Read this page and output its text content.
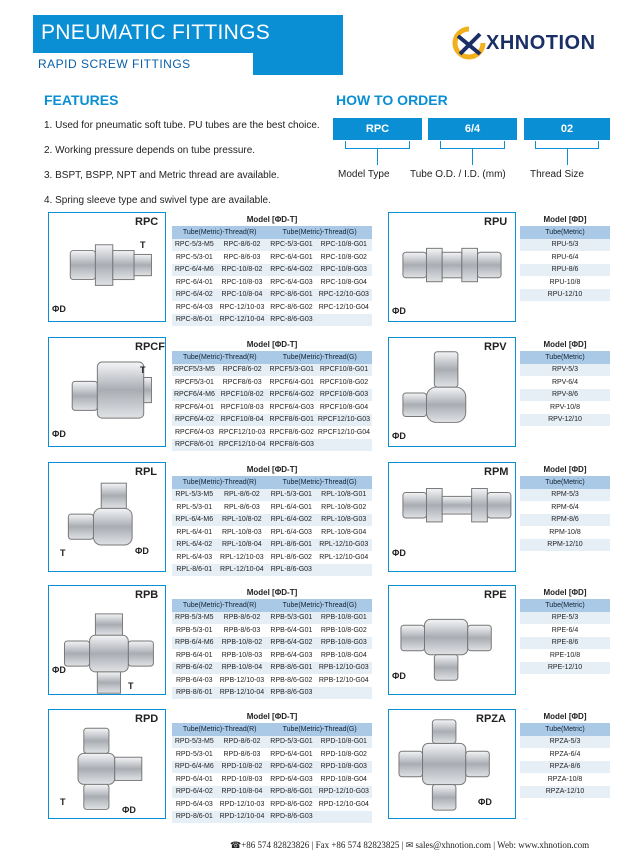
PNEUMATIC FITTINGS
RAPID SCREW FITTINGS
XHNOTION
FEATURES
1. Used for pneumatic soft tube. PU tubes are the best choice.
2. Working pressure depends on tube pressure.
3. BSPT, BSPP, NPT and Metric thread are available.
4. Spring sleeve type and swivel type are available.
HOW TO ORDER
RPC	6/4	02
Model Type Tube O.D. / I.D. (mm) Thread Size
RPC
T
ΦD
Model [ΦD-T]			
Tube(Metric)-Thread(R)		Tube(Metric)-Thread(G)	
RPC-5/3-M5	RPC-8/6-02	RPC-5/3-G01	RPC-10/8-G01
RPC-5/3-01	RPC-8/6-03	RPC-6/4-G01	RPC-10/8-G02
RPC-6/4-M6	RPC-10/8-02	RPC-6/4-G02	RPC-10/8-G03
RPC-6/4-01	RPC-10/8-03	RPC-6/4-G03	RPC-10/8-G04
RPC-6/4-02	RPC-10/8-04	RPC-8/6-G01	RPC-12/10-G03
RPC-6/4-03	RPC-12/10-03	RPC-8/6-G02	RPC-12/10-G04
RPC-8/6-01	RPC-12/10-04	RPC-8/6-G03	
RPCF
T
ΦD
Model [ΦD-T]			
Tube(Metric)-Thread(R)		Tube(Metric)-Thread(G)	
RPCF5/3-M5	RPCF8/6-02	RPCF5/3-G01	RPCF10/8-G01
RPCF5/3-01	RPCF8/6-03	RPCF6/4-G01	RPCF10/8-G02
RPCF6/4-M6	RPCF10/8-02	RPCF6/4-G02	RPCF10/8-G03
RPCF6/4-01	RPCF10/8-03	RPCF6/4-G03	RPCF10/8-G04
RPCF6/4-02	RPCF10/8-04	RPCF8/6-G01	RPCF12/10-G03
RPCF6/4-03	RPCF12/10-03	RPCF8/6-G02	RPCF12/10-G04
RPCF8/6-01	RPCF12/10-04	RPCF8/6-G03	
RPL
T	ΦD
Model [ΦD-T]			
Tube(Metric)-Thread(R)		Tube(Metric)-Thread(G)	
RPL-5/3-M5	RPL-8/6-02	RPL-5/3-G01	RPL-10/8-G01
RPL-5/3-01	RPL-8/6-03	RPL-6/4-G01	RPL-10/8-G02
RPL-6/4-M6	RPL-10/8-02	RPL-6/4-G02	RPL-10/8-G03
RPL-6/4-01	RPL-10/8-03	RPL-6/4-G03	RPL-10/8-G04
RPL-6/4-02	RPL-10/8-04	RPL-8/6-G01	RPL-12/10-G03
RPL-6/4-03	RPL-12/10-03	RPL-8/6-G02	RPL-12/10-G04
RPL-8/6-01	RPL-12/10-04	RPL-8/6-G03	
RPB
T
ΦD
Model [ΦD-T]			
Tube(Metric)-Thread(R)		Tube(Metric)-Thread(G)	
RPB-5/3-M5	RPB-8/6-02	RPB-5/3-G01	RPB-10/8-G01
RPB-5/3-01	RPB-8/6-03	RPB-6/4-G01	RPB-10/8-G02
RPB-6/4-M6	RPB-10/8-02	RPB-6/4-G02	RPB-10/8-G03
RPB-6/4-01	RPB-10/8-03	RPB-6/4-G03	RPB-10/8-G04
RPB-6/4-02	RPB-10/8-04	RPB-8/6-G01	RPB-12/10-G03
RPB-6/4-03	RPB-12/10-03	RPB-8/6-G02	RPB-12/10-G04
RPB-8/6-01	RPB-12/10-04	RPB-8/6-G03	
RPD
T
ΦD
Model [ΦD-T]			
Tube(Metric)-Thread(R)		Tube(Metric)-Thread(G)	
RPD-5/3-M5	RPD-8/6-02	RPD-5/3-G01	RPD-10/8-G01
RPD-5/3-01	RPD-8/6-03	RPD-6/4-G01	RPD-10/8-G02
RPD-6/4-M6	RPD-10/8-02	RPD-6/4-G02	RPD-10/8-G03
RPD-6/4-01	RPD-10/8-03	RPD-6/4-G03	RPD-10/8-G04
RPD-6/4-02	RPD-10/8-04	RPD-8/6-G01	RPD-12/10-G03
RPD-6/4-03	RPD-12/10-03	RPD-8/6-G02	RPD-12/10-G04
RPD-8/6-01	RPD-12/10-04	RPD-8/6-G03	
RPU
ΦD
Model [ΦD]
Tube(Metric)
RPU-5/3
RPU-6/4
RPU-8/6
RPU-10/8
RPU-12/10

RPV
ΦD
Model [ΦD]
Tube(Metric)
RPV-5/3
RPV-6/4
RPV-8/6
RPV-10/8
RPV-12/10

RPM
ΦD
Model [ΦD]
Tube(Metric)
RPM-5/3
RPM-6/4
RPM-8/6
RPM-10/8
RPM-12/10

RPE
ΦD
Model [ΦD]
Tube(Metric)
RPE-5/3
RPE-6/4
RPE-8/6
RPE-10/8
RPE-12/10

RPZA
ΦD
Model [ΦD]
Tube(Metric)
RPZA-5/3
RPZA-6/4
RPZA-8/6
RPZA-10/8
RPZA-12/10

☎+86 574 82823826 | Fax +86 574 82823825 | ✉ sales@xhnotion.com | Web: www.xhnotion.com
